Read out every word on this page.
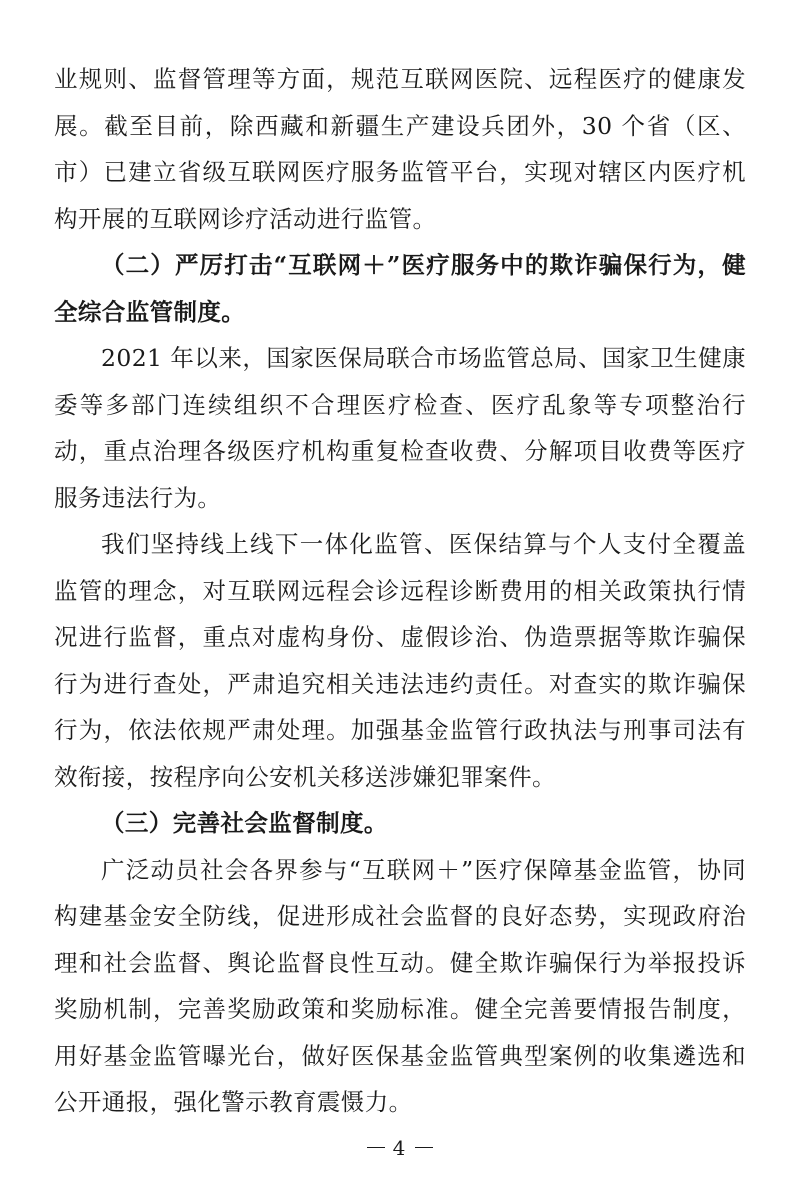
业规则、监督管理等方面，规范互联网医院、远程医疗的健康发展。截至目前，除西藏和新疆生产建设兵团外，30 个省（区、市）已建立省级互联网医疗服务监管平台，实现对辖区内医疗机构开展的互联网诊疗活动进行监管。

（二）严厉打击“互联网＋”医疗服务中的欺诈骗保行为，健全综合监管制度。

2021 年以来，国家医保局联合市场监管总局、国家卫生健康委等多部门连续组织不合理医疗检查、医疗乱象等专项整治行动，重点治理各级医疗机构重复检查收费、分解项目收费等医疗服务违法行为。

我们坚持线上线下一体化监管、医保结算与个人支付全覆盖监管的理念，对互联网远程会诊远程诊断费用的相关政策执行情况进行监督，重点对虚构身份、虚假诊治、伪造票据等欺诈骗保行为进行查处，严肃追究相关违法违约责任。对查实的欺诈骗保行为，依法依规严肃处理。加强基金监管行政执法与刑事司法有效衔接，按程序向公安机关移送涉嫌犯罪案件。

（三）完善社会监督制度。

广泛动员社会各界参与“互联网＋”医疗保障基金监管，协同构建基金安全防线，促进形成社会监督的良好态势，实现政府治理和社会监督、舆论监督良性互动。健全欺诈骗保行为举报投诉奖励机制，完善奖励政策和奖励标准。健全完善要情报告制度，用好基金监管曝光台，做好医保基金监管典型案例的收集遴选和公开通报，强化警示教育震慑力。

4
